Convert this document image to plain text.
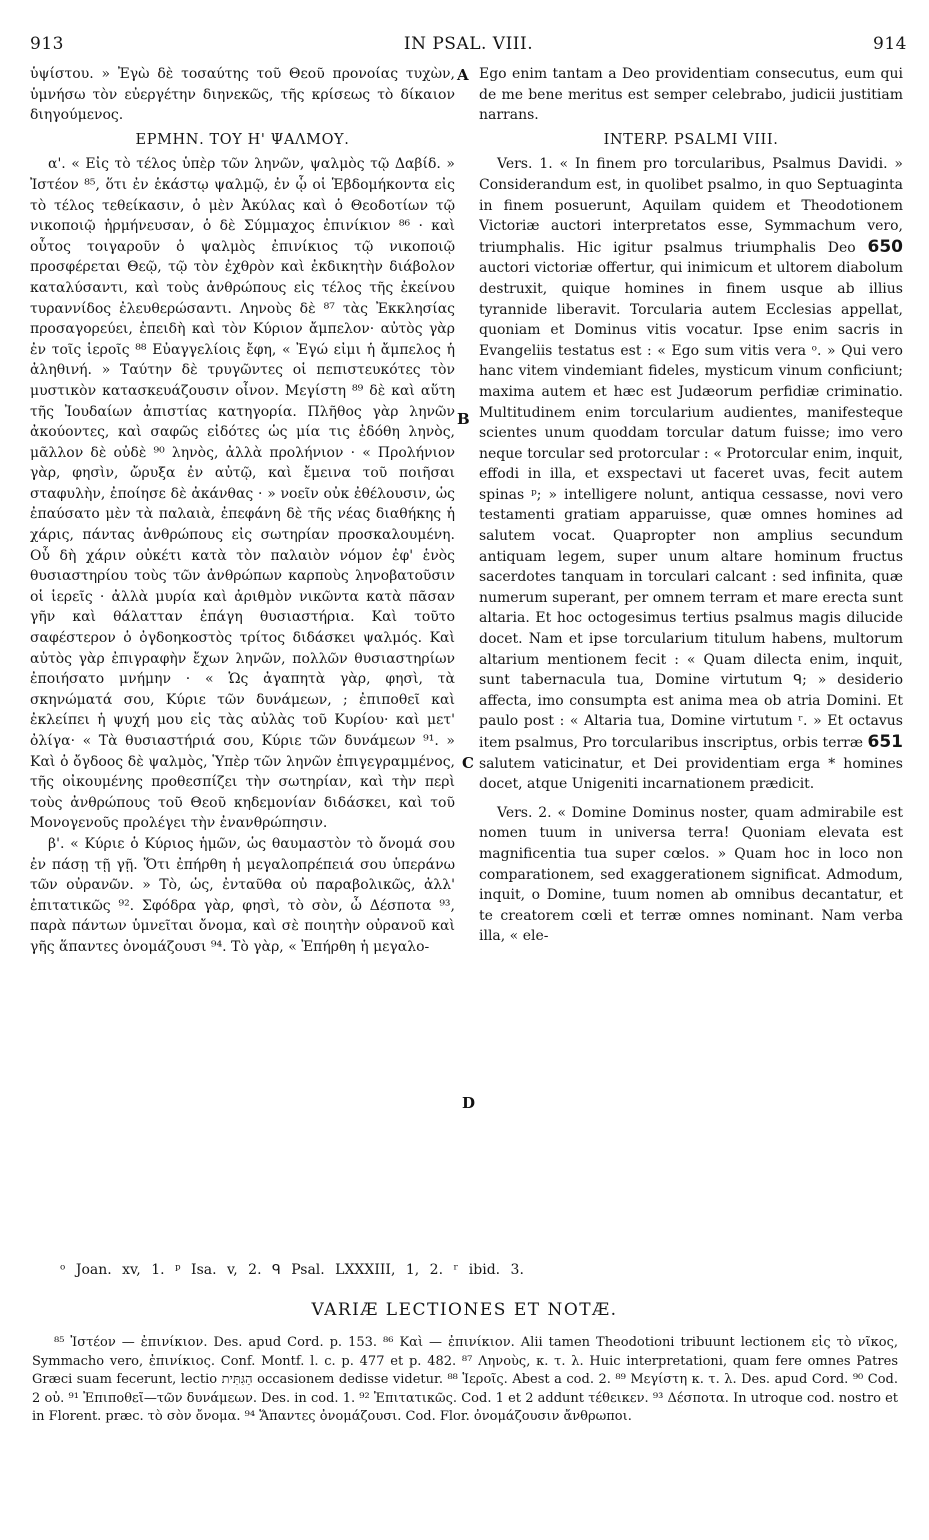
913	IN PSAL. VIII.	914

ὑψίστου. » Ἐγὼ δὲ τοσαύτης τοῦ Θεοῦ προνοίας τυχὼν, ὑμνήσω τὸν εὐεργέτην διηνεκῶς, τῆς κρίσεως τὸ δίκαιον διηγούμενος.

ΕΡΜΗΝ. ΤΟΥ Η' ΨΑΛΜΟΥ.

α'. « Εἰς τὸ τέλος ὑπὲρ τῶν ληνῶν, ψαλμὸς τῷ Δαβίδ. » Ἰστέον ⁸⁵, ὅτι ἐν ἑκάστῳ ψαλμῷ, ἐν ᾧ οἱ Ἑβδομήκοντα εἰς τὸ τέλος τεθείκασιν, ὁ μὲν Ἀκύλας καὶ ὁ Θεοδοτίων τῷ νικοποιῷ ἡρμήνευσαν, ὁ δὲ Σύμμαχος ἐπινίκιον ⁸⁶ · καὶ οὗτος τοιγαροῦν ὁ ψαλμὸς ἐπινίκιος τῷ νικοποιῷ προσφέρεται Θεῷ, τῷ τὸν ἐχθρὸν καὶ ἐκδικητὴν διάβολον καταλύσαντι, καὶ τοὺς ἀνθρώπους εἰς τέλος τῆς ἐκείνου τυραννίδος ἐλευθερώσαντι. Ληνοὺς δὲ ⁸⁷ τὰς Ἐκκλησίας προσαγορεύει, ἐπειδὴ καὶ τὸν Κύριον ἄμπελον· αὐτὸς γὰρ ἐν τοῖς ἱεροῖς ⁸⁸ Εὐαγγελίοις ἔφη, « Ἐγώ εἰμι ἡ ἄμπελος ἡ ἀληθινή. » Ταύτην δὲ τρυγῶντες οἱ πεπιστευκότες τὸν μυστικὸν κατασκευάζουσιν οἶνον. Μεγίστη ⁸⁹ δὲ καὶ αὕτη τῆς Ἰουδαίων ἀπιστίας κατηγορία. Πλῆθος γὰρ ληνῶν ἀκούοντες, καὶ σαφῶς εἰδότες ὡς μία τις ἐδόθη ληνὸς, μᾶλλον δὲ οὐδὲ ⁹⁰ ληνὸς, ἀλλὰ προλήνιον · « Προλήνιον γὰρ, φησὶν, ὤρυξα ἐν αὐτῷ, καὶ ἔμεινα τοῦ ποιῆσαι σταφυλὴν, ἐποίησε δὲ ἀκάνθας · » νοεῖν οὐκ ἐθέλουσιν, ὡς ἐπαύσατο μὲν τὰ παλαιὰ, ἐπεφάνη δὲ τῆς νέας διαθήκης ἡ χάρις, πάντας ἀνθρώπους εἰς σωτηρίαν προσκαλουμένη. Οὗ δὴ χάριν οὐκέτι κατὰ τὸν παλαιὸν νόμον ἐφ' ἑνὸς θυσιαστηρίου τοὺς τῶν ἀνθρώπων καρποὺς ληνοβατοῦσιν οἱ ἱερεῖς · ἀλλὰ μυρία καὶ ἀριθμὸν νικῶντα κατὰ πᾶσαν γῆν καὶ θάλατταν ἐπάγη θυσιαστήρια. Καὶ τοῦτο σαφέστερον ὁ ὀγδοηκοστὸς τρίτος διδάσκει ψαλμός. Καὶ αὐτὸς γὰρ ἐπιγραφὴν ἔχων ληνῶν, πολλῶν θυσιαστηρίων ἐποιήσατο μνήμην · « Ὡς ἀγαπητὰ γὰρ, φησὶ, τὰ σκηνώματά σου, Κύριε τῶν δυνάμεων, ; ἐπιποθεῖ καὶ ἐκλείπει ἡ ψυχή μου εἰς τὰς αὐλὰς τοῦ Κυρίου· καὶ μετ' ὀλίγα· « Τὰ θυσιαστήριά σου, Κύριε τῶν δυνάμεων ⁹¹. » Καὶ ὁ ὄγδοος δὲ ψαλμὸς, Ὑπὲρ τῶν ληνῶν ἐπιγεγραμμένος, τῆς οἰκουμένης προθεσπίζει τὴν σωτηρίαν, καὶ τὴν περὶ τοὺς ἀνθρώπους τοῦ Θεοῦ κηδεμονίαν διδάσκει, καὶ τοῦ Μονογενοῦς προλέγει τὴν ἐνανθρώπησιν.

β'. « Κύριε ὁ Κύριος ἡμῶν, ὡς θαυμαστὸν τὸ ὄνομά σου ἐν πάσῃ τῇ γῇ. Ὅτι ἐπήρθη ἡ μεγαλοπρέπειά σου ὑπεράνω τῶν οὐρανῶν. » Τὸ, ὡς, ἐνταῦθα οὐ παραβολικῶς, ἀλλ' ἐπιτατικῶς ⁹². Σφόδρα γὰρ, φησὶ, τὸ σὸν, ὦ Δέσποτα ⁹³, παρὰ πάντων ὑμνεῖται ὄνομα, καὶ σὲ ποιητὴν οὐρανοῦ καὶ γῆς ἅπαντες ὀνομάζουσι ⁹⁴. Τὸ γὰρ, « Ἐπήρθη ἡ μεγαλο-

A
B
C
D

Ego enim tantam a Deo providentiam consecutus, eum qui de me bene meritus est semper celebrabo, judicii justitiam narrans.

INTERP. PSALMI VIII.

Vers. 1. « In finem pro torcularibus, Psalmus Davidi. » Considerandum est, in quolibet psalmo, in quo Septuaginta in finem posuerunt, Aquilam quidem et Theodotionem Victoriæ auctori interpretatos esse, Symmachum vero, triumphalis. Hic igitur psalmus triumphalis Deo 650 auctori victoriæ offertur, qui inimicum et ultorem diabolum destruxit, quique homines in finem usque ab illius tyrannide liberavit. Torcularia autem Ecclesias appellat, quoniam et Dominus vitis vocatur. Ipse enim sacris in Evangeliis testatus est : « Ego sum vitis vera ᵒ. » Qui vero hanc vitem vindemiant fideles, mysticum vinum conficiunt; maxima autem et hæc est Judæorum perfidiæ criminatio. Multitudinem enim torcularium audientes, manifesteque scientes unum quoddam torcular datum fuisse; imo vero neque torcular sed protorcular : « Protorcular enim, inquit, effodi in illa, et exspectavi ut faceret uvas, fecit autem spinas ᵖ; » intelligere nolunt, antiqua cessasse, novi vero testamenti gratiam apparuisse, quæ omnes homines ad salutem vocat. Quapropter non amplius secundum antiquam legem, super unum altare hominum fructus sacerdotes tanquam in torculari calcant : sed infinita, quæ numerum superant, per omnem terram et mare erecta sunt altaria. Et hoc octogesimus tertius psalmus magis dilucide docet. Nam et ipse torcularium titulum habens, multorum altarium mentionem fecit : « Quam dilecta enim, inquit, sunt tabernacula tua, Domine virtutum ᑫ; » desiderio affecta, imo consumpta est anima mea ob atria Domini. Et paulo post : « Altaria tua, Domine virtutum ʳ. » Et octavus item psalmus, Pro torcularibus inscriptus, orbis terræ 651 salutem vaticinatur, et Dei providentiam erga * homines docet, atque Unigeniti incarnationem prædicit.

Vers. 2. « Domine Dominus noster, quam admirabile est nomen tuum in universa terra! Quoniam elevata est magnificentia tua super cœlos. » Quam hoc in loco non comparationem, sed exaggerationem significat. Admodum, inquit, o Domine, tuum nomen ab omnibus decantatur, et te creatorem cœli et terræ omnes nominant. Nam verba illa, « ele-

ᵒ Joan. xv, 1. ᵖ Isa. v, 2. ᑫ Psal. LXXXIII, 1, 2. ʳ ibid. 3.
VARIÆ LECTIONES ET NOTÆ.

⁸⁵ Ἰστέον — ἐπινίκιον. Des. apud Cord. p. 153. ⁸⁶ Καὶ — ἐπινίκιον. Alii tamen Theodotioni tribuunt lectionem εἰς τὸ νῖκος, Symmacho vero, ἐπινίκιος. Conf. Montf. l. c. p. 477 et p. 482. ⁸⁷ Ληνοὺς, κ. τ. λ. Huic interpretationi, quam fere omnes Patres Græci suam fecerunt, lectio הַגִּתִּית occasionem dedisse videtur. ⁸⁸ Ἱεροῖς. Abest a cod. 2. ⁸⁹ Μεγίστη κ. τ. λ. Des. apud Cord. ⁹⁰ Cod. 2 οὐ. ⁹¹ Ἐπιποθεῖ—τῶν δυνάμεων. Des. in cod. 1. ⁹² Ἐπιτατικῶς. Cod. 1 et 2 addunt τέθεικεν. ⁹³ Δέσποτα. In utroque cod. nostro et in Florent. præc. τὸ σὸν ὄνομα. ⁹⁴ Ἅπαντες ὀνομάζουσι. Cod. Flor. ὀνομάζουσιν ἄνθρωποι.
